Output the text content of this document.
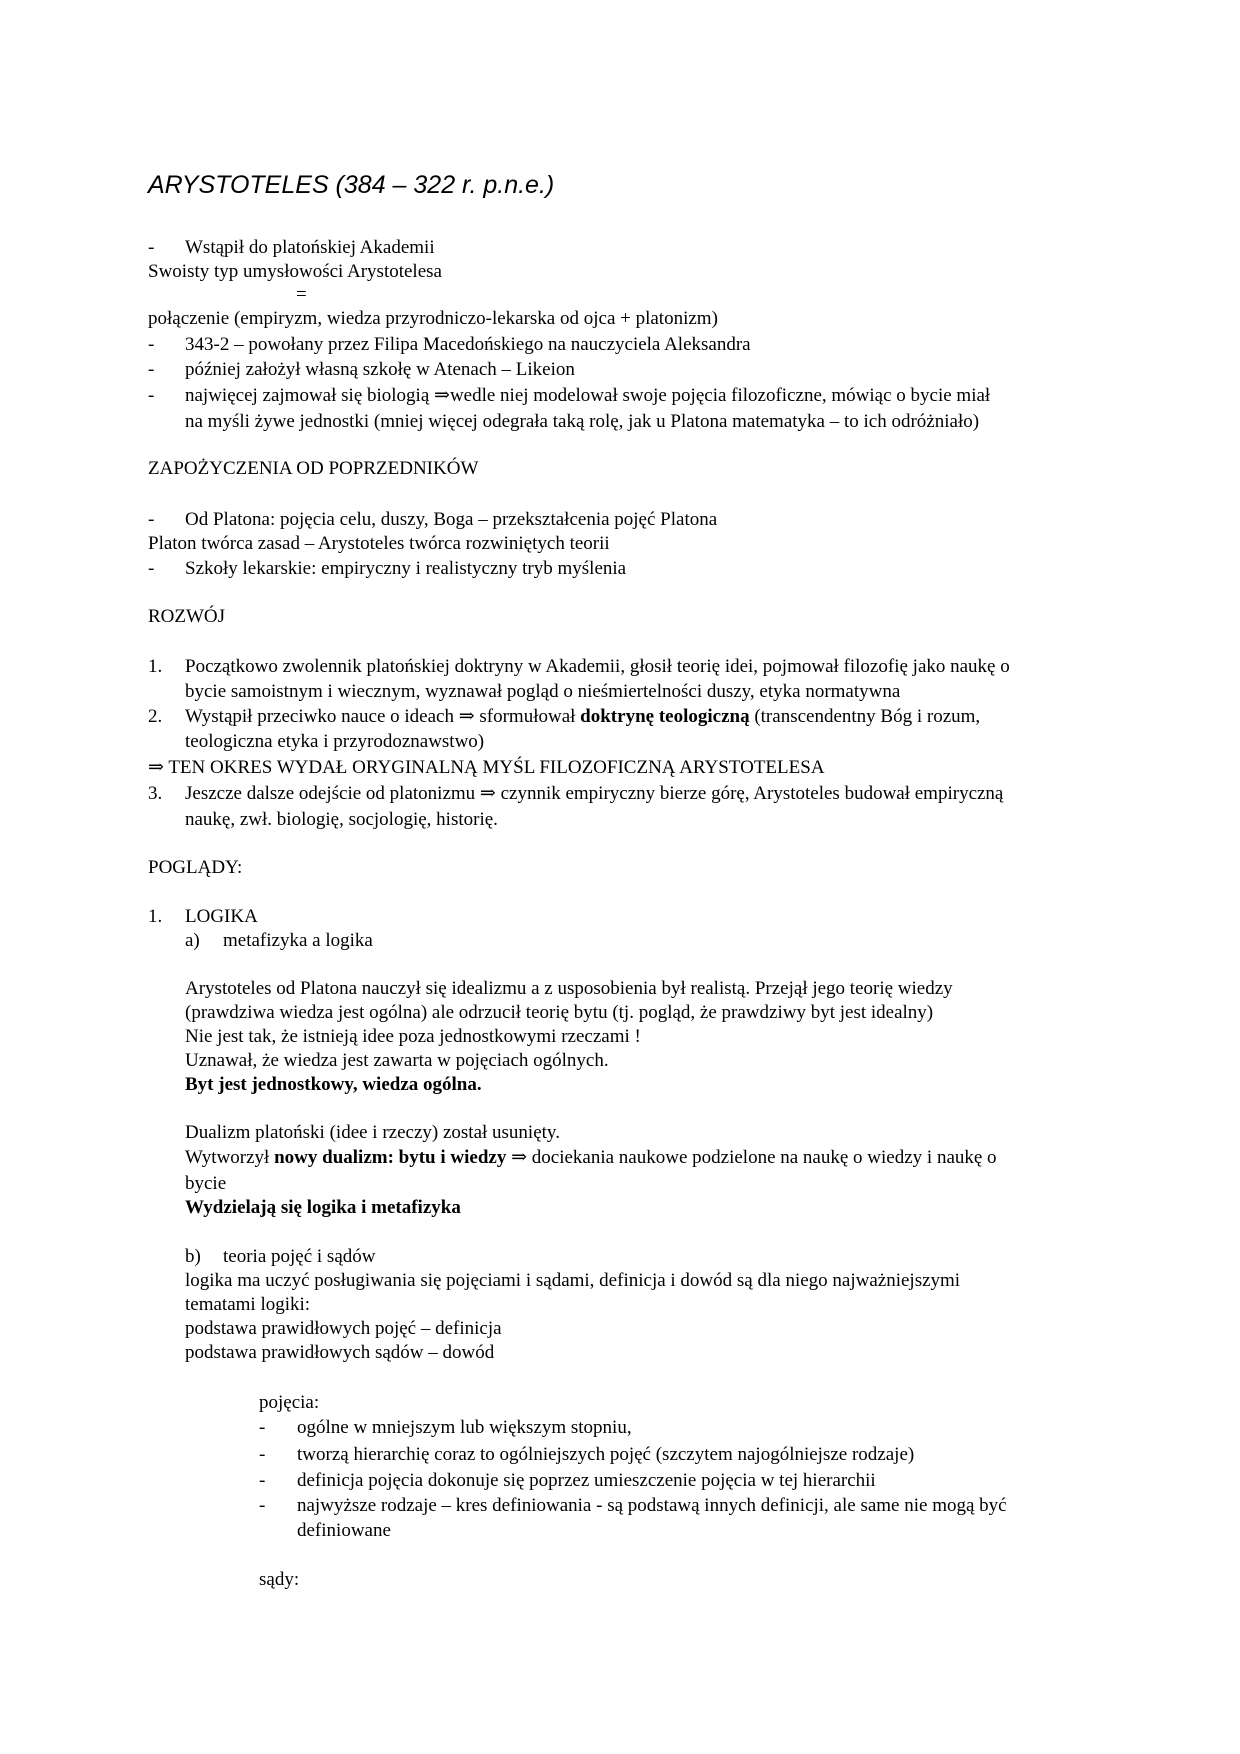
ARYSTOTELES (384 – 322 r. p.n.e.)
- Wstąpił do platońskiej Akademii
Swoisty typ umysłowości Arystotelesa
=
połączenie (empiryzm, wiedza przyrodniczo-lekarska od ojca + platonizm)
- 343-2 – powołany przez Filipa Macedońskiego na nauczyciela Aleksandra
- później założył własną szkołę w Atenach – Likeion
- najwięcej zajmował się biologią ⇒wedle niej modelował swoje pojęcia filozoficzne, mówiąc o bycie miał
na myśli żywe jednostki (mniej więcej odegrała taką rolę, jak u Platona matematyka – to ich odróżniało)
ZAPOŻYCZENIA OD POPRZEDNIKÓW
- Od Platona: pojęcia celu, duszy, Boga – przekształcenia pojęć Platona
Platon twórca zasad – Arystoteles twórca rozwiniętych teorii
- Szkoły lekarskie: empiryczny i realistyczny tryb myślenia
ROZWÓJ
1. Początkowo zwolennik platońskiej doktryny w Akademii, głosił teorię idei, pojmował filozofię jako naukę o
bycie samoistnym i wiecznym, wyznawał pogląd o nieśmiertelności duszy, etyka normatywna
2. Wystąpił przeciwko nauce o ideach ⇒ sformułował doktrynę teologiczną (transcendentny Bóg i rozum,
teologiczna etyka i przyrodoznawstwo)
⇒ TEN OKRES WYDAŁ ORYGINALNĄ MYŚL FILOZOFICZNĄ ARYSTOTELESA
3. Jeszcze dalsze odejście od platonizmu ⇒ czynnik empiryczny bierze górę, Arystoteles budował empiryczną
naukę, zwł. biologię, socjologię, historię.
POGLĄDY:
1. LOGIKA
a) metafizyka a logika
Arystoteles od Platona nauczył się idealizmu a z usposobienia był realistą. Przejął jego teorię wiedzy
(prawdziwa wiedza jest ogólna) ale odrzucił teorię bytu (tj. pogląd, że prawdziwy byt jest idealny)
Nie jest tak, że istnieją idee poza jednostkowymi rzeczami !
Uznawał, że wiedza jest zawarta w pojęciach ogólnych.
Byt jest jednostkowy, wiedza ogólna.
Dualizm platoński (idee i rzeczy) został usunięty.
Wytworzył nowy dualizm: bytu i wiedzy ⇒ dociekania naukowe podzielone na naukę o wiedzy i naukę o
bycie
Wydzielają się logika i metafizyka
b) teoria pojęć i sądów
logika ma uczyć posługiwania się pojęciami i sądami, definicja i dowód są dla niego najważniejszymi
tematami logiki:
podstawa prawidłowych pojęć – definicja
podstawa prawidłowych sądów – dowód
pojęcia:
- ogólne w mniejszym lub większym stopniu,
- tworzą hierarchię coraz to ogólniejszych pojęć (szczytem najogólniejsze rodzaje)
- definicja pojęcia dokonuje się poprzez umieszczenie pojęcia w tej hierarchii
- najwyższe rodzaje – kres definiowania - są podstawą innych definicji, ale same nie mogą być
definiowane
sądy:
